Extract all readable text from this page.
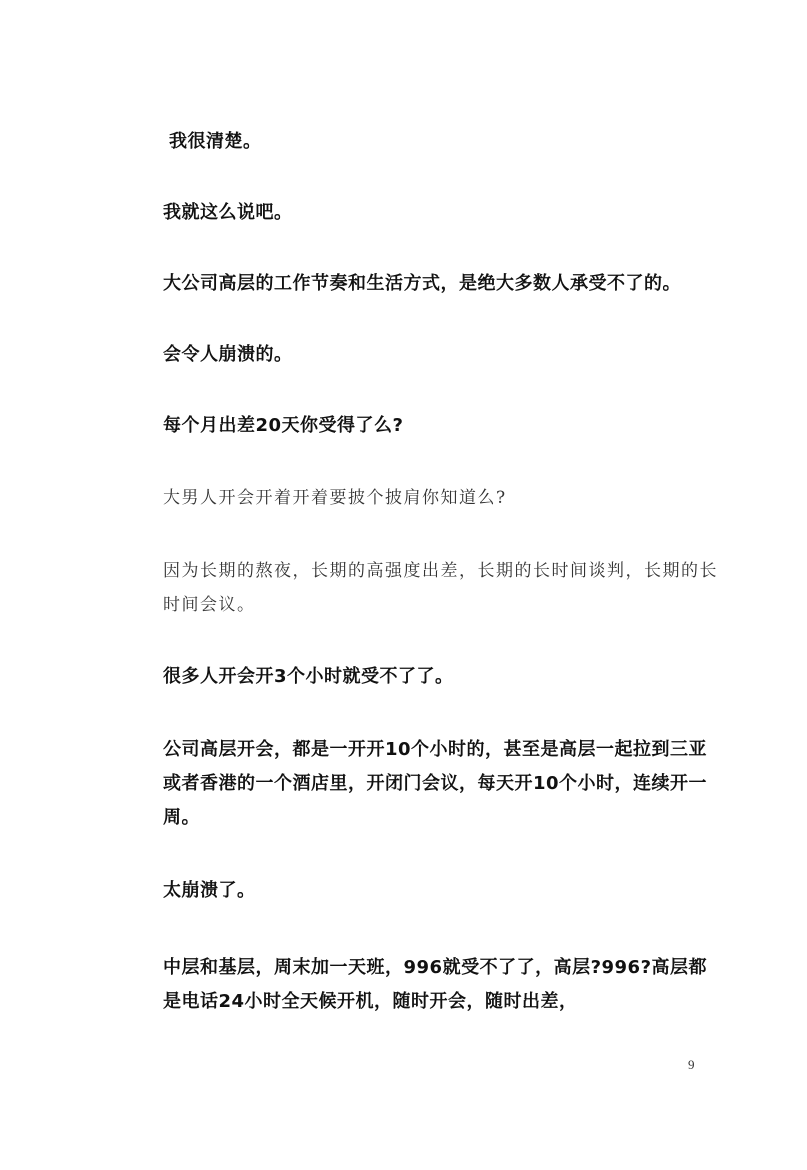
我很清楚。

我就这么说吧。

大公司高层的工作节奏和生活方式，是绝大多数人承受不了的。

会令人崩溃的。

每个月出差20天你受得了么?

大男人开会开着开着要披个披肩你知道么?

因为长期的熬夜，长期的高强度出差，长期的长时间谈判，长期的长时间会议。

很多人开会开3个小时就受不了了。

公司高层开会，都是一开开10个小时的，甚至是高层一起拉到三亚或者香港的一个酒店里，开闭门会议，每天开10个小时，连续开一周。

太崩溃了。

中层和基层，周末加一天班，996就受不了了，高层?996?高层都是电话24小时全天候开机，随时开会，随时出差，

9
